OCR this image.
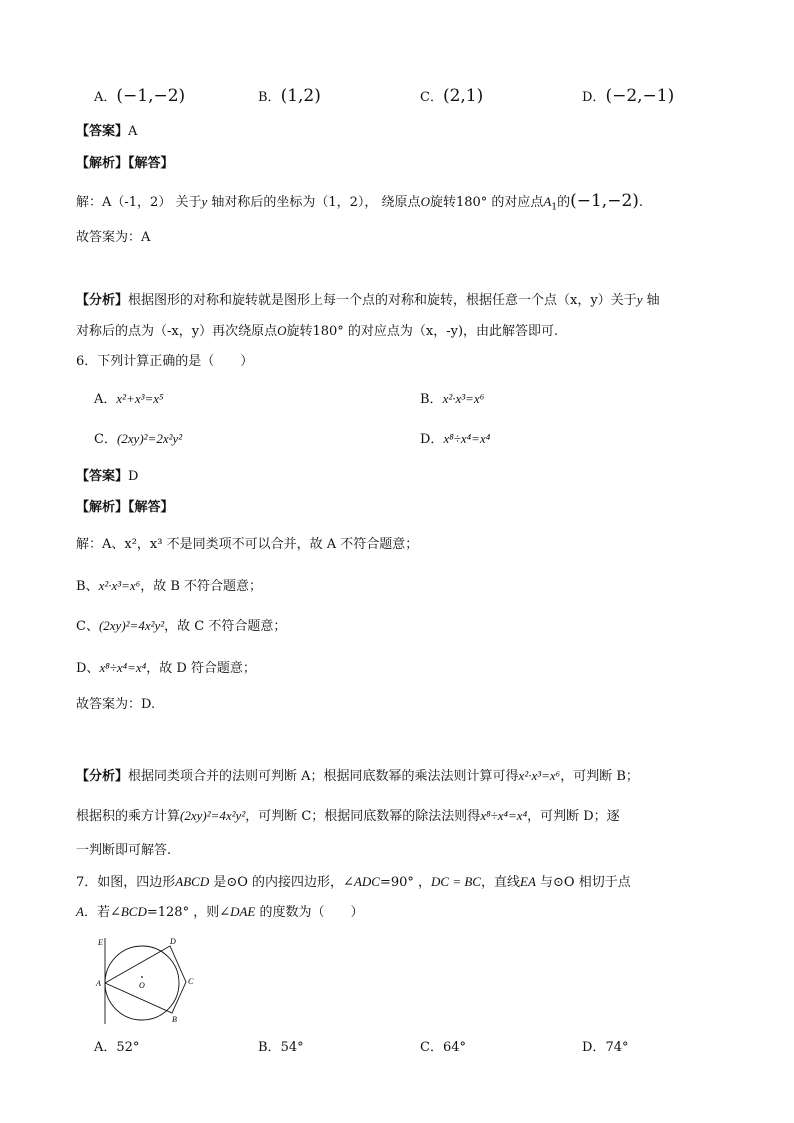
A．(−1,−2)	B．(1,2)	C．(2,1)	D．(−2,−1)
【答案】A
【解析】【解答】
解：A（-1，2） 关于y 轴对称后的坐标为（1，2）， 绕原点O旋转180° 的对应点$A_1$的(−1,−2).
故答案为：A
【分析】根据图形的对称和旋转就是图形上每一个点的对称和旋转，根据任意一个点（x，y）关于y 轴
对称后的点为（-x，y）再次绕原点O旋转180° 的对应点为（x，-y)，由此解答即可.
6．下列计算正确的是（　　）
A．x²+x³=x⁵	B．x²·x³=x⁶
C．(2xy)²=2x²y²	D．x⁸÷x⁴=x⁴
【答案】D
【解析】【解答】
解：A、x²，x³ 不是同类项不可以合并，故 A 不符合题意；
B、x²·x³=x⁶，故 B 不符合题意；
C、(2xy)²=4x²y²，故 C 不符合题意；
D、x⁸÷x⁴=x⁴，故 D 符合题意；
故答案为：D.
【分析】根据同类项合并的法则可判断 A；根据同底数幂的乘法法则计算可得x²·x³=x⁶，可判断 B；
根据积的乘方计算(2xy)²=4x²y²，可判断 C；根据同底数幂的除法法则得x⁸÷x⁴=x⁴，可判断 D；逐
一判断即可解答.
7．如图，四边形ABCD 是⊙O 的内接四边形，∠ADC=90° ，DC = BC，直线EA 与⊙O 相切于点
A．若∠BCD=128° ，则∠DAE 的度数为（　　）
E
A
D
C
B
O
A．52°	B．54°	C．64°	D．74°
